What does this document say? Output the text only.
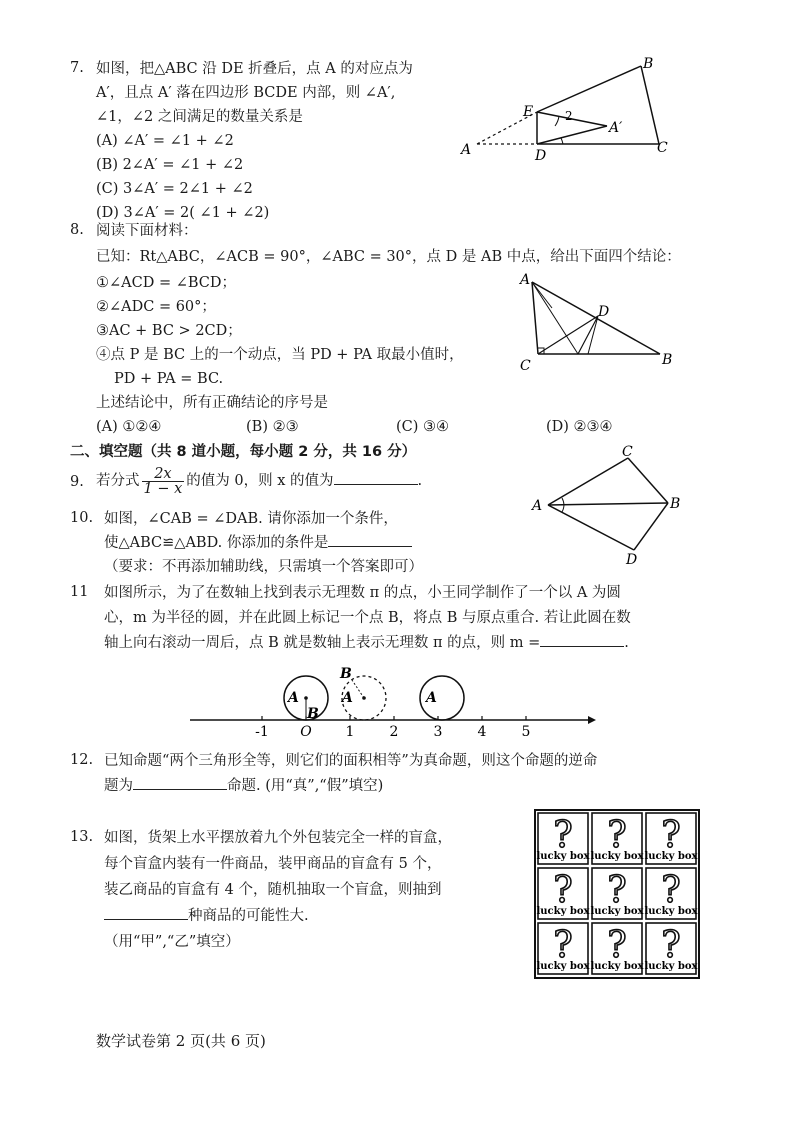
7. 如图，把△ABC 沿 DE 折叠后，点 A 的对应点为
A′，且点 A′ 落在四边形 BCDE 内部，则 ∠A′,
∠1，∠2 之间满足的数量关系是
(A) ∠A′ = ∠1 + ∠2
(B) 2∠A′ = ∠1 + ∠2
(C) 3∠A′ = 2∠1 + ∠2
(D) 3∠A′ = 2( ∠1 + ∠2)
B
E	2
A′
A	D	C
8. 阅读下面材料：
已知：Rt△ABC，∠ACB = 90°，∠ABC = 30°，点 D 是 AB 中点，给出下面四个结论：
①∠ACD = ∠BCD；
②∠ADC = 60°；
③AC + BC > 2CD；
④点 P 是 BC 上的一个动点，当 PD + PA 取最小值时，
PD + PA = BC.
上述结论中，所有正确结论的序号是
(A) ①②④	(B) ②③	(C) ③④	(D) ②③④
A
D
C	B
二、填空题（共 8 道小题，每小题 2 分，共 16 分）
9. 若分式 $\frac{2x}{1 - x}$ 的值为 0，则 x 的值为	.
10. 如图，∠CAB = ∠DAB. 请你添加一个条件，
使△ABC≌△ABD. 你添加的条件是
（要求：不再添加辅助线，只需填一个答案即可）
C
A	B
D
11 如图所示，为了在数轴上找到表示无理数 π 的点，小王同学制作了一个以 A 为圆
心，m 为半径的圆，并在此圆上标记一个点 B，将点 B 与原点重合. 若让此圆在数
轴上向右滚动一周后，点 B 就是数轴上表示无理数 π 的点，则 m =	.
-1 O 1	2	3	4	5
A
B
A
B
A
12. 已知命题“两个三角形全等，则它们的面积相等”为真命题，则这个命题的逆命
题为	命题. (用“真”,“假”填空)
13. 如图，货架上水平摆放着九个外包装完全一样的盲盒，
每个盲盒内装有一件商品，装甲商品的盲盒有 5 个，
装乙商品的盲盒有 4 个，随机抽取一个盲盒，则抽到
种商品的可能性大.
（用“甲”,“乙”填空）
?
lucky box
?
lucky box
?
lucky box
?
lucky box
?
lucky box
?
lucky box
?
lucky box
?
lucky box
?
lucky box
数学试卷第 2 页(共 6 页)
